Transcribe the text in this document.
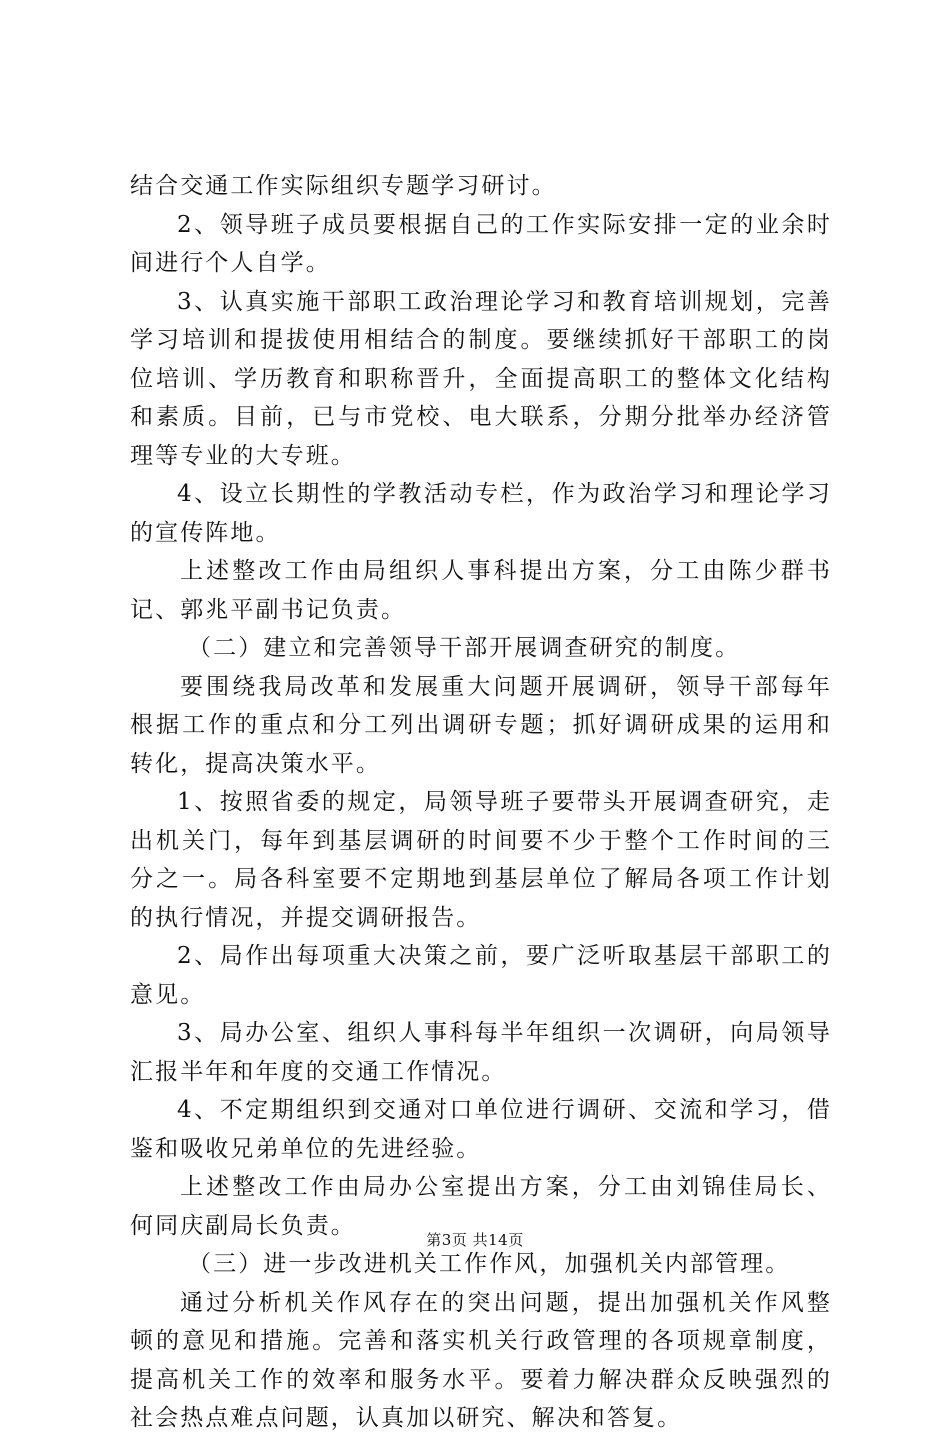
结合交通工作实际组织专题学习研讨。

2、领导班子成员要根据自己的工作实际安排一定的业余时间进行个人自学。

3、认真实施干部职工政治理论学习和教育培训规划，完善学习培训和提拔使用相结合的制度。要继续抓好干部职工的岗位培训、学历教育和职称晋升，全面提高职工的整体文化结构和素质。目前，已与市党校、电大联系，分期分批举办经济管理等专业的大专班。

4、设立长期性的学教活动专栏，作为政治学习和理论学习的宣传阵地。

上述整改工作由局组织人事科提出方案，分工由陈少群书记、郭兆平副书记负责。

（二）建立和完善领导干部开展调查研究的制度。

要围绕我局改革和发展重大问题开展调研，领导干部每年根据工作的重点和分工列出调研专题；抓好调研成果的运用和转化，提高决策水平。

1、按照省委的规定，局领导班子要带头开展调查研究，走出机关门，每年到基层调研的时间要不少于整个工作时间的三分之一。局各科室要不定期地到基层单位了解局各项工作计划的执行情况，并提交调研报告。

2、局作出每项重大决策之前，要广泛听取基层干部职工的意见。

3、局办公室、组织人事科每半年组织一次调研，向局领导汇报半年和年度的交通工作情况。

4、不定期组织到交通对口单位进行调研、交流和学习，借鉴和吸收兄弟单位的先进经验。

上述整改工作由局办公室提出方案，分工由刘锦佳局长、何同庆副局长负责。

（三）进一步改进机关工作作风，加强机关内部管理。

通过分析机关作风存在的突出问题，提出加强机关作风整顿的意见和措施。完善和落实机关行政管理的各项规章制度，提高机关工作的效率和服务水平。要着力解决群众反映强烈的社会热点难点问题，认真加以研究、解决和答复。

第3页 共14页
